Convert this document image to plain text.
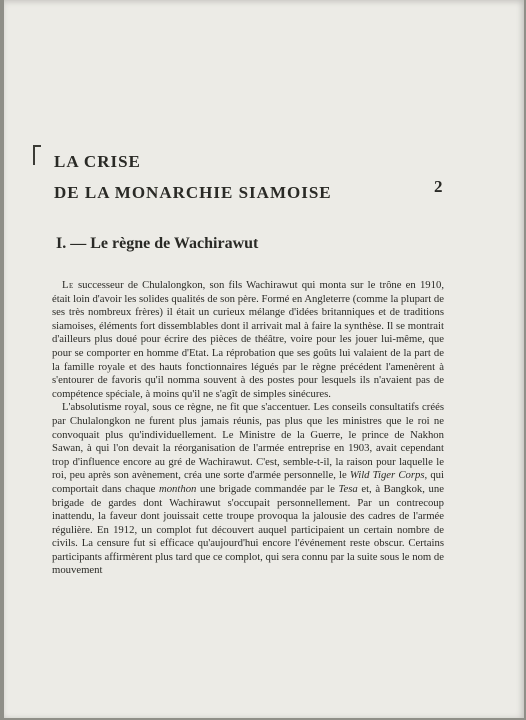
LA CRISE
DE LA MONARCHIE SIAMOISE	2
I. — Le règne de Wachirawut

Le successeur de Chulalongkon, son fils Wachirawut qui monta sur le trône en 1910, était loin d'avoir les solides qualités de son père. Formé en Angleterre (comme la plupart de ses très nombreux frères) il était un curieux mélange d'idées britanniques et de traditions siamoises, éléments fort dissemblables dont il arrivait mal à faire la synthèse. Il se montrait d'ailleurs plus doué pour écrire des pièces de théâtre, voire pour les jouer lui-même, que pour se comporter en homme d'Etat. La réprobation que ses goûts lui valaient de la part de la famille royale et des hauts fonctionnaires légués par le règne précédent l'amenèrent à s'entourer de favoris qu'il nomma souvent à des postes pour lesquels ils n'avaient pas de compétence spéciale, à moins qu'il ne s'agît de simples sinécures.

L'absolutisme royal, sous ce règne, ne fit que s'accentuer. Les conseils consultatifs créés par Chulalongkon ne furent plus jamais réunis, pas plus que les ministres que le roi ne convoquait plus qu'individuellement. Le Ministre de la Guerre, le prince de Nakhon Sawan, à qui l'on devait la réorganisation de l'armée entreprise en 1903, avait cependant trop d'influence encore au gré de Wachirawut. C'est, semble-t-il, la raison pour laquelle le roi, peu après son avènement, créa une sorte d'armée personnelle, le Wild Tiger Corps, qui comportait dans chaque monthon une brigade commandée par le Tesa et, à Bangkok, une brigade de gardes dont Wachirawut s'occupait personnellement. Par un contrecoup inattendu, la faveur dont jouissait cette troupe provoqua la jalousie des cadres de l'armée régulière. En 1912, un complot fut découvert auquel participaient un certain nombre de civils. La censure fut si efficace qu'aujourd'hui encore l'événement reste obscur. Certains participants affirmèrent plus tard que ce complot, qui sera connu par la suite sous le nom de mouvement
